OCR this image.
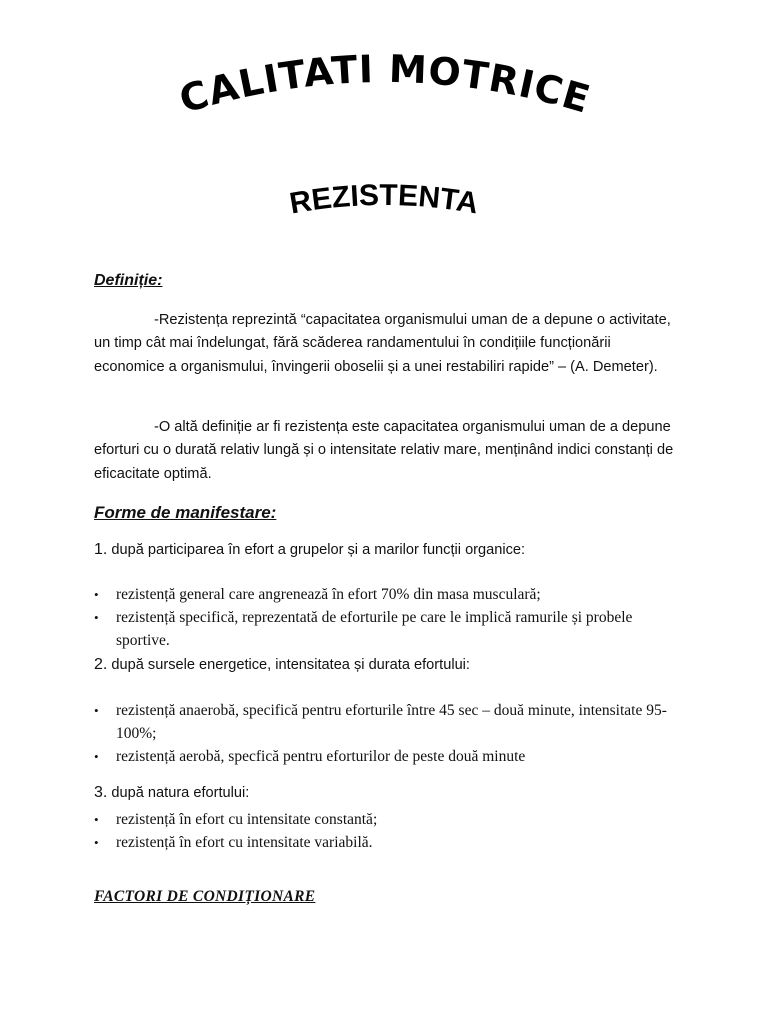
CALITATI MOTRICE
REZISTENTA
Definiție:

-Rezistența reprezintă “capacitatea organismului uman de a depune o activitate, un timp cât mai îndelungat, fără scăderea randamentului în condițiile funcționării economice a organismului, învingerii oboselii și a unei restabiliri rapide” – (A. Demeter).

-O altă definiție ar fi rezistența este capacitatea organismului uman de a depune eforturi cu o durată relativ lungă și o intensitate relativ mare, menținând indici constanți de eficacitate optimă.

Forme de manifestare:

1. după participarea în efort a grupelor și a marilor funcții organice:

• rezistență general care angrenează în efort 70% din masa musculară;
• rezistență specifică, reprezentată de eforturile pe care le implică ramurile și probele sportive.

2. după sursele energetice, intensitatea și durata efortului:

• rezistență anaerobă, specifică pentru eforturile între 45 sec – două minute, intensitate 95-100%;
• rezistență aerobă, specfică pentru eforturilor de peste două minute

3. după natura efortului:

• rezistență în efort cu intensitate constantă;
• rezistență în efort cu intensitate variabilă.
FACTORI DE CONDIȚIONARE
